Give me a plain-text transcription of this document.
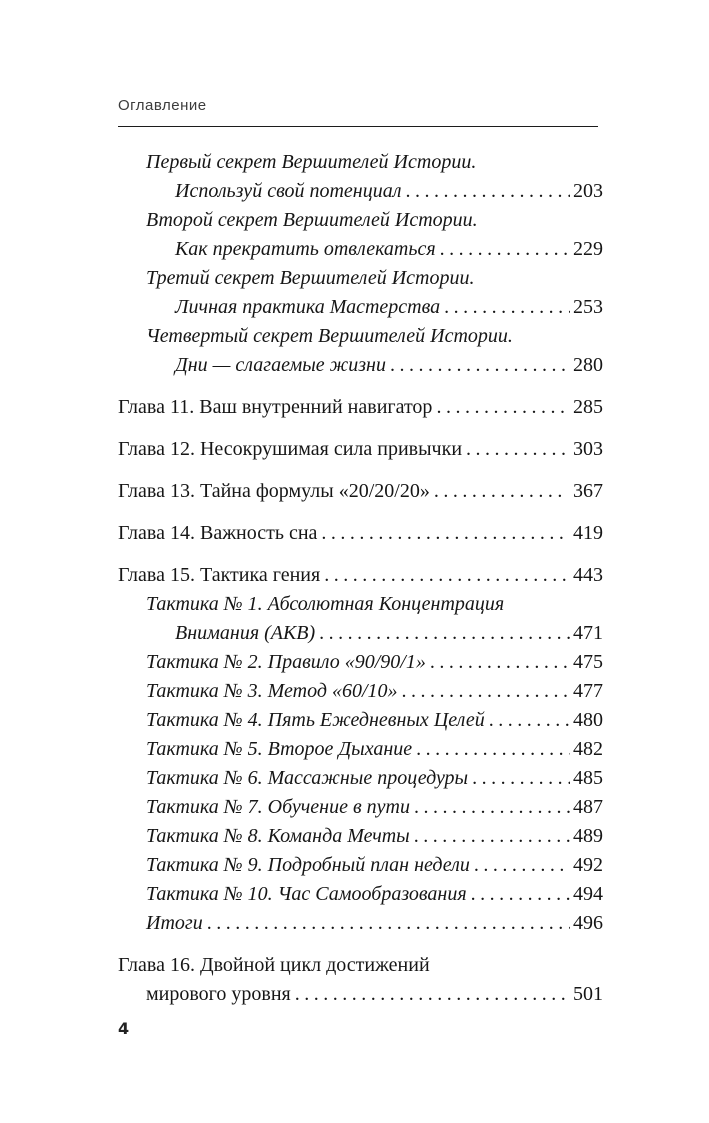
Оглавление
Первый секрет Вершителей Истории.
Используй свой потенциал .....	203
Второй секрет Вершителей Истории.
Как прекратить отвлекаться .....	229
Третий секрет Вершителей Истории.
Личная практика Мастерства .....	253
Четвертый секрет Вершителей Истории.
Дни — слагаемые жизни .....	280
Глава 11. Ваш внутренний навигатор .....	285
Глава 12. Несокрушимая сила привычки .....	303
Глава 13. Тайна формулы «20/20/20» .....	367
Глава 14. Важность сна .....	419
Глава 15. Тактика гения .....	443
Тактика № 1. Абсолютная Концентрация
Внимания (АКВ) .....	471
Тактика № 2. Правило «90/90/1» .....	475
Тактика № 3. Метод «60/10» .....	477
Тактика № 4. Пять Ежедневных Целей .....	480
Тактика № 5. Второе Дыхание .....	482
Тактика № 6. Массажные процедуры .....	485
Тактика № 7. Обучение в пути .....	487
Тактика № 8. Команда Мечты .....	489
Тактика № 9. Подробный план недели .....	492
Тактика № 10. Час Самообразования .....	494
Итоги .....	496
Глава 16. Двойной цикл достижений
мирового уровня .....	501
4
